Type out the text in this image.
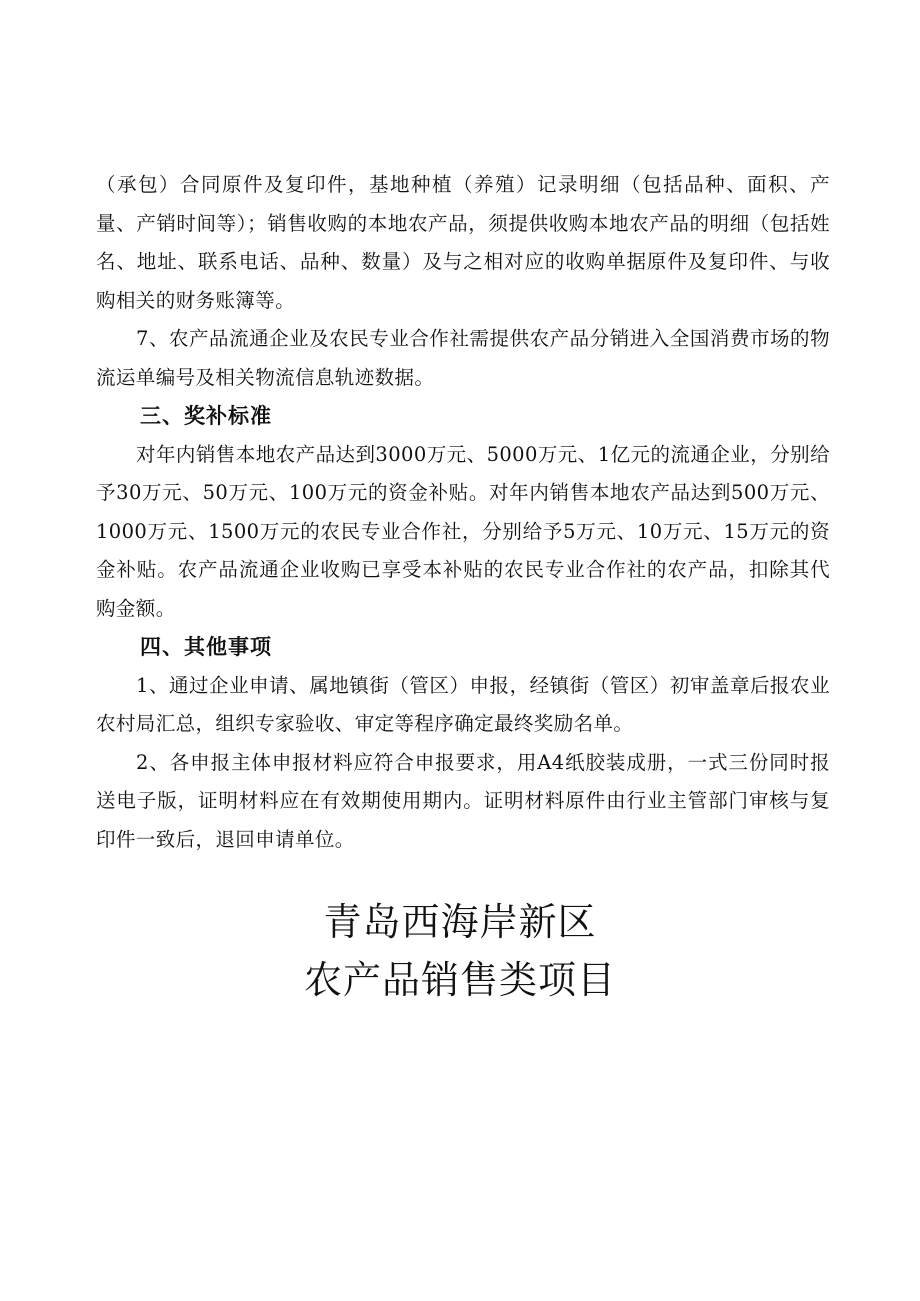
（承包）合同原件及复印件，基地种植（养殖）记录明细（包括品种、面积、产量、产销时间等）；销售收购的本地农产品，须提供收购本地农产品的明细（包括姓名、地址、联系电话、品种、数量）及与之相对应的收购单据原件及复印件、与收购相关的财务账簿等。

7、农产品流通企业及农民专业合作社需提供农产品分销进入全国消费市场的物流运单编号及相关物流信息轨迹数据。

三、奖补标准

对年内销售本地农产品达到3000万元、5000万元、1亿元的流通企业，分别给予30万元、50万元、100万元的资金补贴。对年内销售本地农产品达到500万元、1000万元、1500万元的农民专业合作社，分别给予5万元、10万元、15万元的资金补贴。农产品流通企业收购已享受本补贴的农民专业合作社的农产品，扣除其代购金额。

四、其他事项

1、通过企业申请、属地镇街（管区）申报，经镇街（管区）初审盖章后报农业农村局汇总，组织专家验收、审定等程序确定最终奖励名单。

2、各申报主体申报材料应符合申报要求，用A4纸胶装成册，一式三份同时报送电子版，证明材料应在有效期使用期内。证明材料原件由行业主管部门审核与复印件一致后，退回申请单位。

青岛西海岸新区
农产品销售类项目
